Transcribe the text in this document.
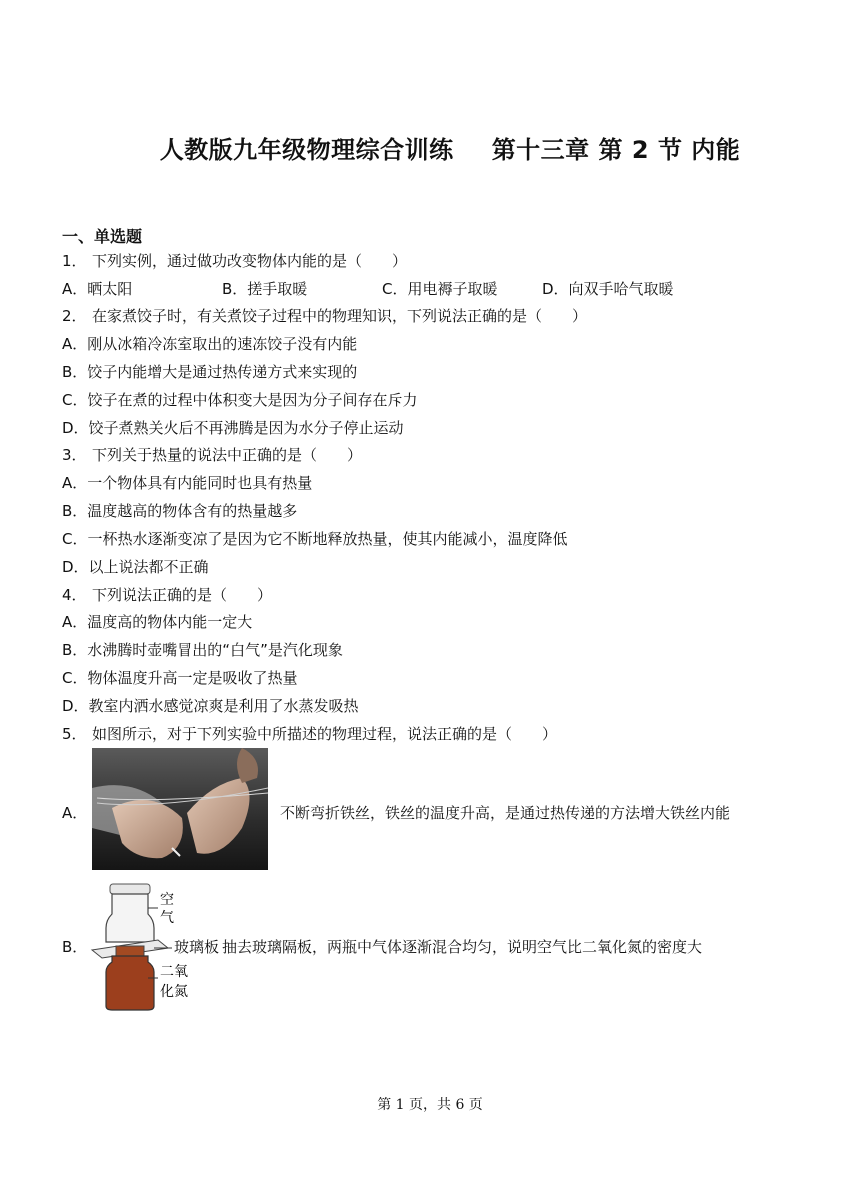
人教版九年级物理综合训练 第十三章 第 2 节 内能
一、单选题
1． 下列实例，通过做功改变物体内能的是（　　）
A．晒太阳	B．搓手取暖	C．用电褥子取暖	D．向双手哈气取暖
2． 在家煮饺子时，有关煮饺子过程中的物理知识，下列说法正确的是（　　）
A．刚从冰箱冷冻室取出的速冻饺子没有内能
B．饺子内能增大是通过热传递方式来实现的
C．饺子在煮的过程中体积变大是因为分子间存在斥力
D．饺子煮熟关火后不再沸腾是因为水分子停止运动
3． 下列关于热量的说法中正确的是（　　）
A．一个物体具有内能同时也具有热量
B．温度越高的物体含有的热量越多
C．一杯热水逐渐变凉了是因为它不断地释放热量，使其内能减小，温度降低
D．以上说法都不正确
4． 下列说法正确的是（　　）
A．温度高的物体内能一定大
B．水沸腾时壶嘴冒出的“白气”是汽化现象
C．物体温度升高一定是吸收了热量
D．教室内洒水感觉凉爽是利用了水蒸发吸热
5． 如图所示，对于下列实验中所描述的物理过程，说法正确的是（　　）
A．	不断弯折铁丝，铁丝的温度升高，是通过热传递的方法增大铁丝内能
B．
空
气
二氧
化氮
玻璃板 抽去玻璃隔板，两瓶中气体逐渐混合均匀，说明空气比二氧化氮的密度大
第 1 页，共 6 页
